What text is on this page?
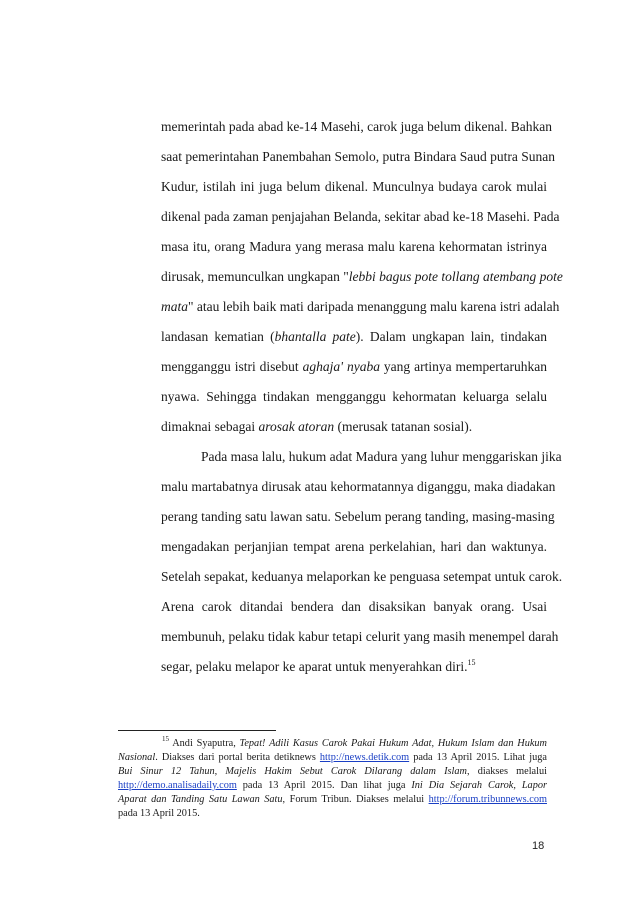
memerintah pada abad ke-14 Masehi, carok juga belum dikenal. Bahkan
saat pemerintahan Panembahan Semolo, putra Bindara Saud putra Sunan
Kudur, istilah ini juga belum dikenal. Munculnya budaya carok mulai
dikenal pada zaman penjajahan Belanda, sekitar abad ke-18 Masehi. Pada
masa itu, orang Madura yang merasa malu karena kehormatan istrinya
dirusak, memunculkan ungkapan "lebbi bagus pote tollang atembang pote
mata" atau lebih baik mati daripada menanggung malu karena istri adalah
landasan kematian (bhantalla pate). Dalam ungkapan lain, tindakan
mengganggu istri disebut aghaja' nyaba yang artinya mempertaruhkan
nyawa. Sehingga tindakan mengganggu kehormatan keluarga selalu
dimaknai sebagai arosak atoran (merusak tatanan sosial).
Pada masa lalu, hukum adat Madura yang luhur menggariskan jika
malu martabatnya dirusak atau kehormatannya diganggu, maka diadakan
perang tanding satu lawan satu. Sebelum perang tanding, masing-masing
mengadakan perjanjian tempat arena perkelahian, hari dan waktunya.
Setelah sepakat, keduanya melaporkan ke penguasa setempat untuk carok.
Arena carok ditandai bendera dan disaksikan banyak orang. Usai
membunuh, pelaku tidak kabur tetapi celurit yang masih menempel darah
segar, pelaku melapor ke aparat untuk menyerahkan diri.$^{15}$
$^{15}$ Andi Syaputra, Tepat! Adili Kasus Carok Pakai Hukum Adat, Hukum Islam dan Hukum
Nasional. Diakses dari portal berita detiknews http://news.detik.com pada 13 April 2015. Lihat juga
Bui Sinur 12 Tahun, Majelis Hakim Sebut Carok Dilarang dalam Islam, diakses melalui
http://demo.analisadaily.com pada 13 April 2015. Dan lihat juga Ini Dia Sejarah Carok, Lapor
Aparat dan Tanding Satu Lawan Satu, Forum Tribun. Diakses melalui http://forum.tribunnews.com
pada 13 April 2015.
18
